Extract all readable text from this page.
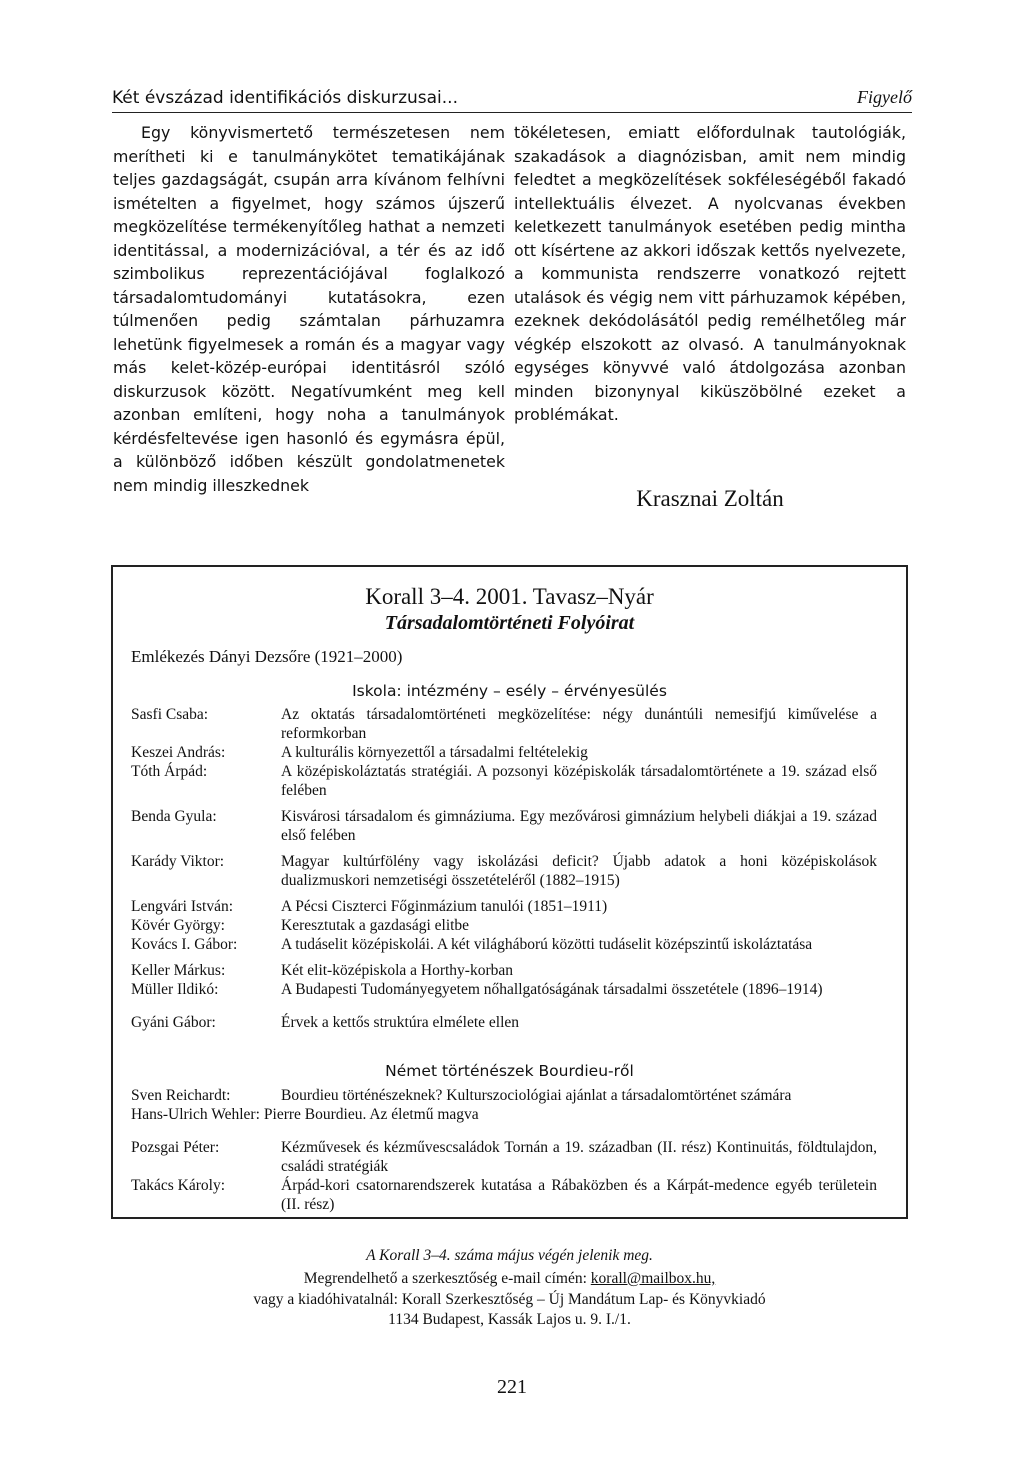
Két évszázad identifikációs diskurzusai...	Figyelő

Egy könyvismertető természetesen nem merítheti ki e tanulmánykötet tematikájának teljes gazdagságát, csupán arra kívánom felhívni ismételten a figyelmet, hogy számos újszerű megközelítése termékenyítőleg hathat a nemzeti identitással, a modernizációval, a tér és az idő szimbolikus reprezentációjával foglalkozó társadalomtudományi kutatásokra, ezen túlmenően pedig számtalan párhuzamra lehetünk figyelmesek a román és a magyar vagy más kelet-közép-európai identitásról szóló diskurzusok között. Negatívumként meg kell azonban említeni, hogy noha a tanulmányok kérdésfeltevése igen hasonló és egymásra épül, a különböző időben készült gondolatmenetek nem mindig illeszkednek

tökéletesen, emiatt előfordulnak tautológiák, szakadások a diagnózisban, amit nem mindig feledtet a megközelítések sokféleségéből fakadó intellektuális élvezet. A nyolcvanas években keletkezett tanulmányok esetében pedig mintha ott kísértene az akkori időszak kettős nyelvezete, a kommunista rendszerre vonatkozó rejtett utalások és végig nem vitt párhuzamok képében, ezeknek dekódolásától pedig remélhetőleg már végkép elszokott az olvasó. A tanulmányoknak egységes könyvvé való átdolgozása azonban minden bizonynyal kiküszöbölné ezeket a problémákat.

Krasznai Zoltán
Korall 3–4. 2001. Tavasz–Nyár
Társadalomtörténeti Folyóirat
Emlékezés Dányi Dezsőre (1921–2000)
Iskola: intézmény – esély – érvényesülés
Sasfi Csaba:	Az oktatás társadalomtörténeti megközelítése: négy dunántúli nemesifjú kiművelése a reformkorban
Keszei András:	A kulturális környezettől a társadalmi feltételekig
Tóth Árpád:	A középiskoláztatás stratégiái. A pozsonyi középiskolák társadalomtörténete a 19. század első felében
Benda Gyula:	Kisvárosi társadalom és gimnáziuma. Egy mezővárosi gimnázium helybeli diákjai a 19. század első felében
Karády Viktor:	Magyar kultúrfölény vagy iskolázási deficit? Újabb adatok a honi középiskolások dualizmuskori nemzetiségi összetételéről (1882–1915)
Lengvári István:	A Pécsi Ciszterci Főginmázium tanulói (1851–1911)
Kövér György:	Keresztutak a gazdasági elitbe
Kovács I. Gábor:	A tudáselit középiskolái. A két világháború közötti tudáselit középszintű iskoláztatása
Keller Márkus:	Két elit-középiskola a Horthy-korban
Müller Ildikó:	A Budapesti Tudományegyetem nőhallgatóságának társadalmi összetétele (1896–1914)
Gyáni Gábor:	Érvek a kettős struktúra elmélete ellen
Német történészek Bourdieu-ről
Sven Reichardt:	Bourdieu történészeknek? Kulturszociológiai ajánlat a társadalomtörténet számára
Hans-Ulrich Wehler: Pierre Bourdieu. Az életmű magva
Pozsgai Péter:	Kézművesek és kézművescsaládok Tornán a 19. században (II. rész) Kontinuitás, földtulajdon, családi stratégiák
Takács Károly:	Árpád-kori csatornarendszerek kutatása a Rábaközben és a Kárpát-medence egyéb területein (II. rész)
A Korall 3–4. száma május végén jelenik meg.
Megrendelhető a szerkesztőség e-mail címén: korall@mailbox.hu,
vagy a kiadóhivatalnál: Korall Szerkesztőség – Új Mandátum Lap- és Könyvkiadó
1134 Budapest, Kassák Lajos u. 9. I./1.
221
